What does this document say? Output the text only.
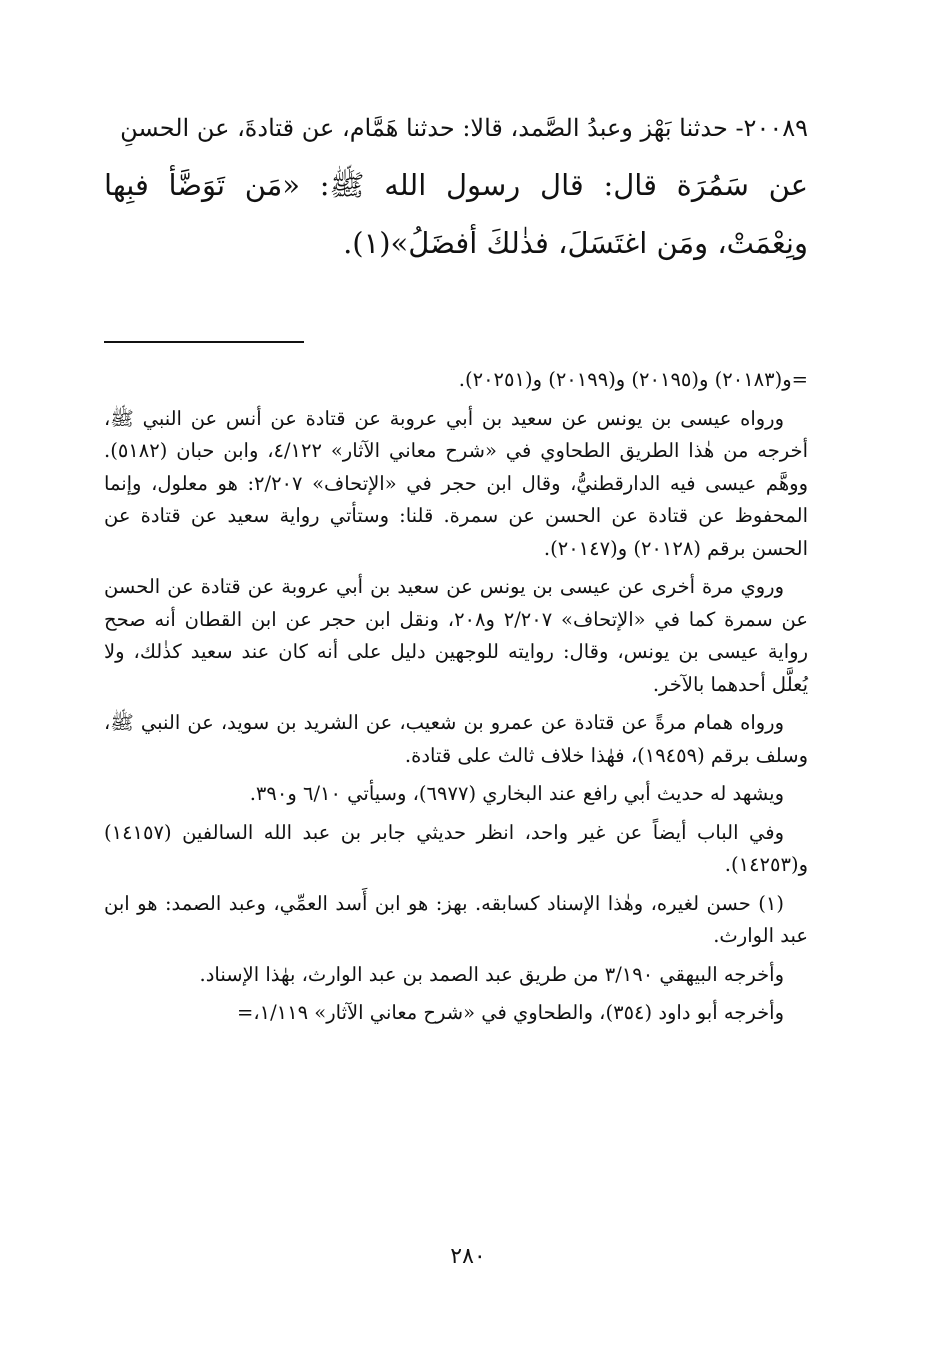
٢٠٠٨٩- حدثنا بَهْز وعبدُ الصَّمد، قالا: حدثنا هَمَّام، عن قتادةَ، عن الحسنِ

عن سَمُرَة قال: قال رسول الله ﷺ: «مَن تَوَضَّأ فبِها ونِعْمَتْ، ومَن اغتَسَلَ، فذٰلكَ أفضَلُ»(١).

=و(٢٠١٨٣) و(٢٠١٩٥) و(٢٠١٩٩) و(٢٠٢٥١).

ورواه عيسى بن يونس عن سعيد بن أبي عروبة عن قتادة عن أنس عن النبي ﷺ، أخرجه من هٰذا الطريق الطحاوي في «شرح معاني الآثار» ٤/١٢٢، وابن حبان (٥١٨٢). ووهَّم عيسى فيه الدارقطنيُّ، وقال ابن حجر في «الإتحاف» ٢/٢٠٧: هو معلول، وإنما المحفوظ عن قتادة عن الحسن عن سمرة. قلنا: وستأتي رواية سعيد عن قتادة عن الحسن برقم (٢٠١٢٨) و(٢٠١٤٧).

وروي مرة أخرى عن عيسى بن يونس عن سعيد بن أبي عروبة عن قتادة عن الحسن عن سمرة كما في «الإتحاف» ٢/٢٠٧ و٢٠٨، ونقل ابن حجر عن ابن القطان أنه صحح رواية عيسى بن يونس، وقال: روايته للوجهين دليل على أنه كان عند سعيد كذٰلك، ولا يُعلَّل أحدهما بالآخر.

ورواه همام مرةً عن قتادة عن عمرو بن شعيب، عن الشريد بن سويد، عن النبي ﷺ، وسلف برقم (١٩٤٥٩)، فهٰذا خلاف ثالث على قتادة.

ويشهد له حديث أبي رافع عند البخاري (٦٩٧٧)، وسيأتي ٦/١٠ و٣٩٠.

وفي الباب أيضاً عن غير واحد، انظر حديثي جابر بن عبد الله السالفين (١٤١٥٧) و(١٤٢٥٣).

(١) حسن لغيره، وهٰذا الإسناد كسابقه. بهز: هو ابن أَسد العمِّي، وعبد الصمد: هو ابن عبد الوارث.

وأخرجه البيهقي ٣/١٩٠ من طريق عبد الصمد بن عبد الوارث، بهٰذا الإسناد.

وأخرجه أبو داود (٣٥٤)، والطحاوي في «شرح معاني الآثار» ١/١١٩،=

٢٨٠
